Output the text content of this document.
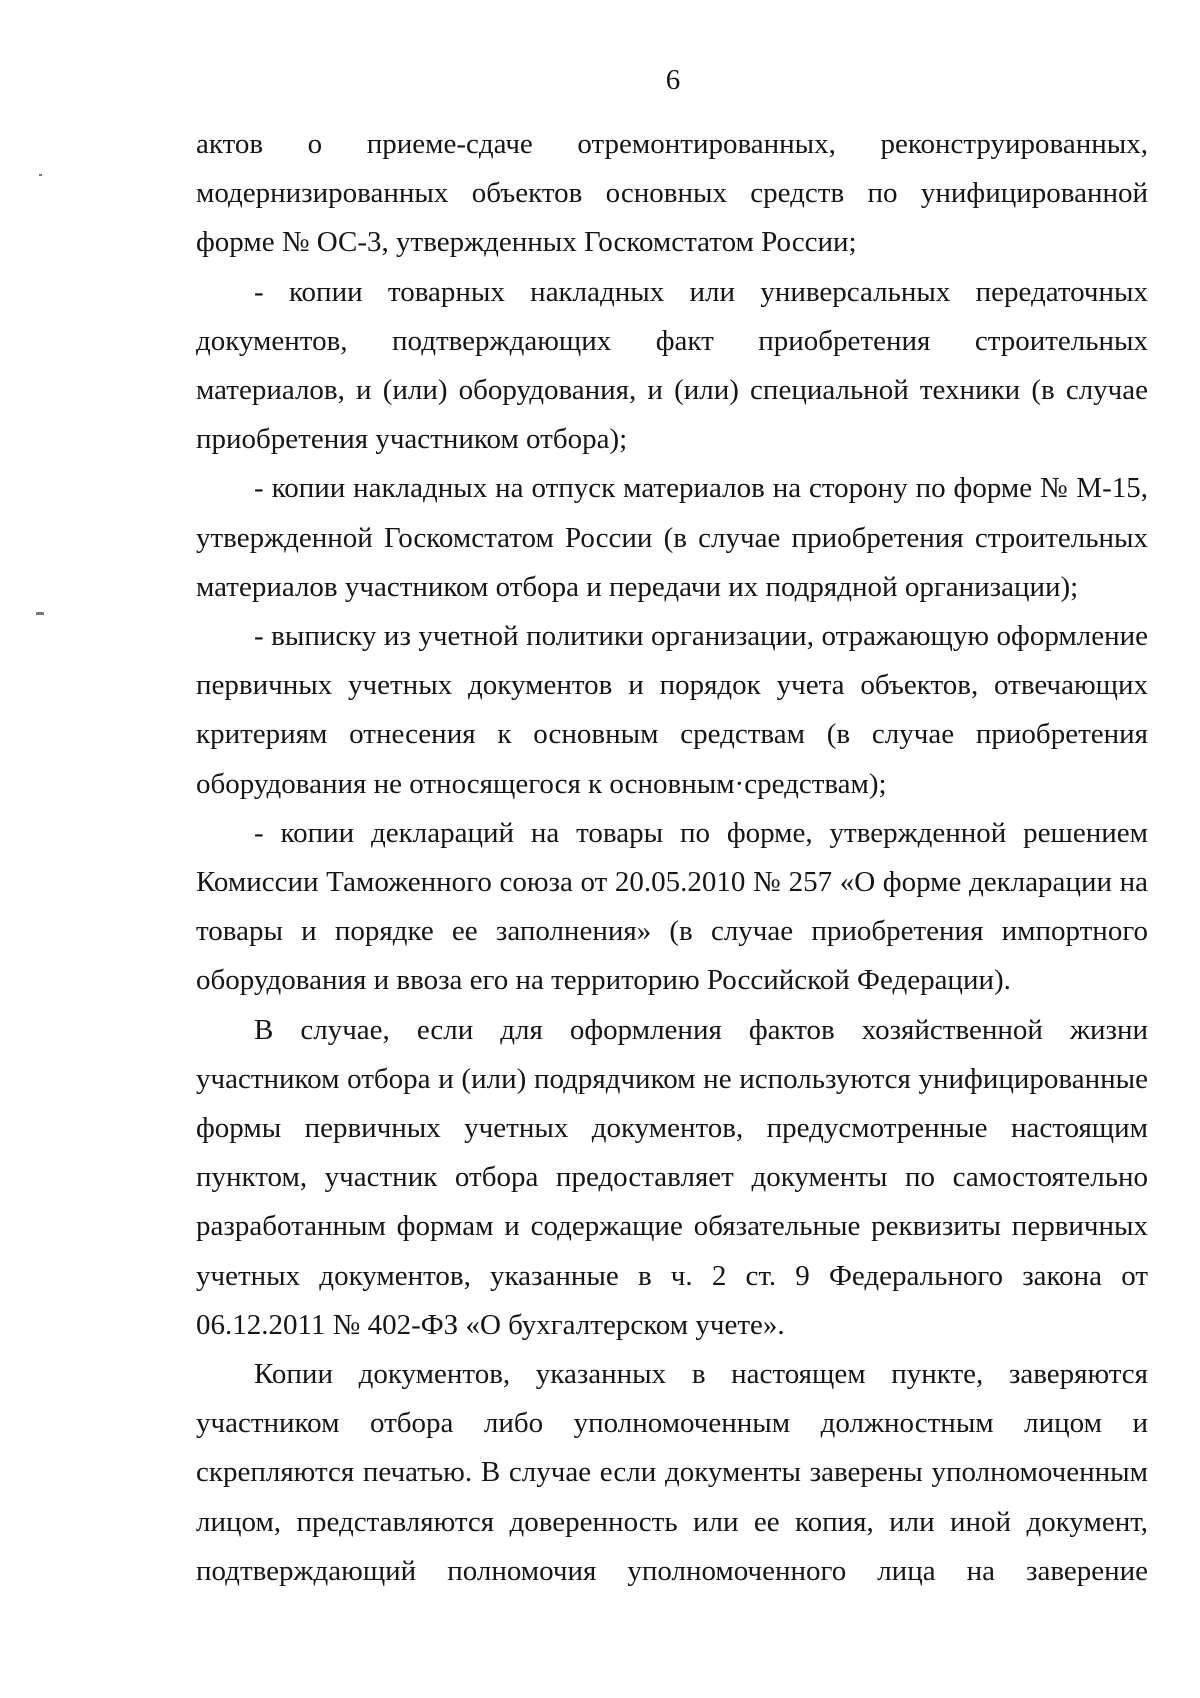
6

актов о приеме-сдаче отремонтированных, реконструированных, модернизированных объектов основных средств по унифицированной форме № ОС-3, утвержденных Госкомстатом России;

- копии товарных накладных или универсальных передаточных документов, подтверждающих факт приобретения строительных материалов, и (или) оборудования, и (или) специальной техники (в случае приобретения участником отбора);

- копии накладных на отпуск материалов на сторону по форме № М-15, утвержденной Госкомстатом России (в случае приобретения строительных материалов участником отбора и передачи их подрядной организации);

- выписку из учетной политики организации, отражающую оформление первичных учетных документов и порядок учета объектов, отвечающих критериям отнесения к основным средствам (в случае приобретения оборудования не относящегося к основным·средствам);

- копии деклараций на товары по форме, утвержденной решением Комиссии Таможенного союза от 20.05.2010 № 257 «О форме декларации на товары и порядке ее заполнения» (в случае приобретения импортного оборудования и ввоза его на территорию Российской Федерации).

В случае, если для оформления фактов хозяйственной жизни участником отбора и (или) подрядчиком не используются унифицированные формы первичных учетных документов, предусмотренные настоящим пунктом, участник отбора предоставляет документы по самостоятельно разработанным формам и содержащие обязательные реквизиты первичных учетных документов, указанные в ч. 2 ст. 9 Федерального закона от 06.12.2011 № 402-ФЗ «О бухгалтерском учете».

Копии документов, указанных в настоящем пункте, заверяются участником отбора либо уполномоченным должностным лицом и скрепляются печатью. В случае если документы заверены уполномоченным лицом, представляются доверенность или ее копия, или иной документ, подтверждающий полномочия уполномоченного лица на заверение
